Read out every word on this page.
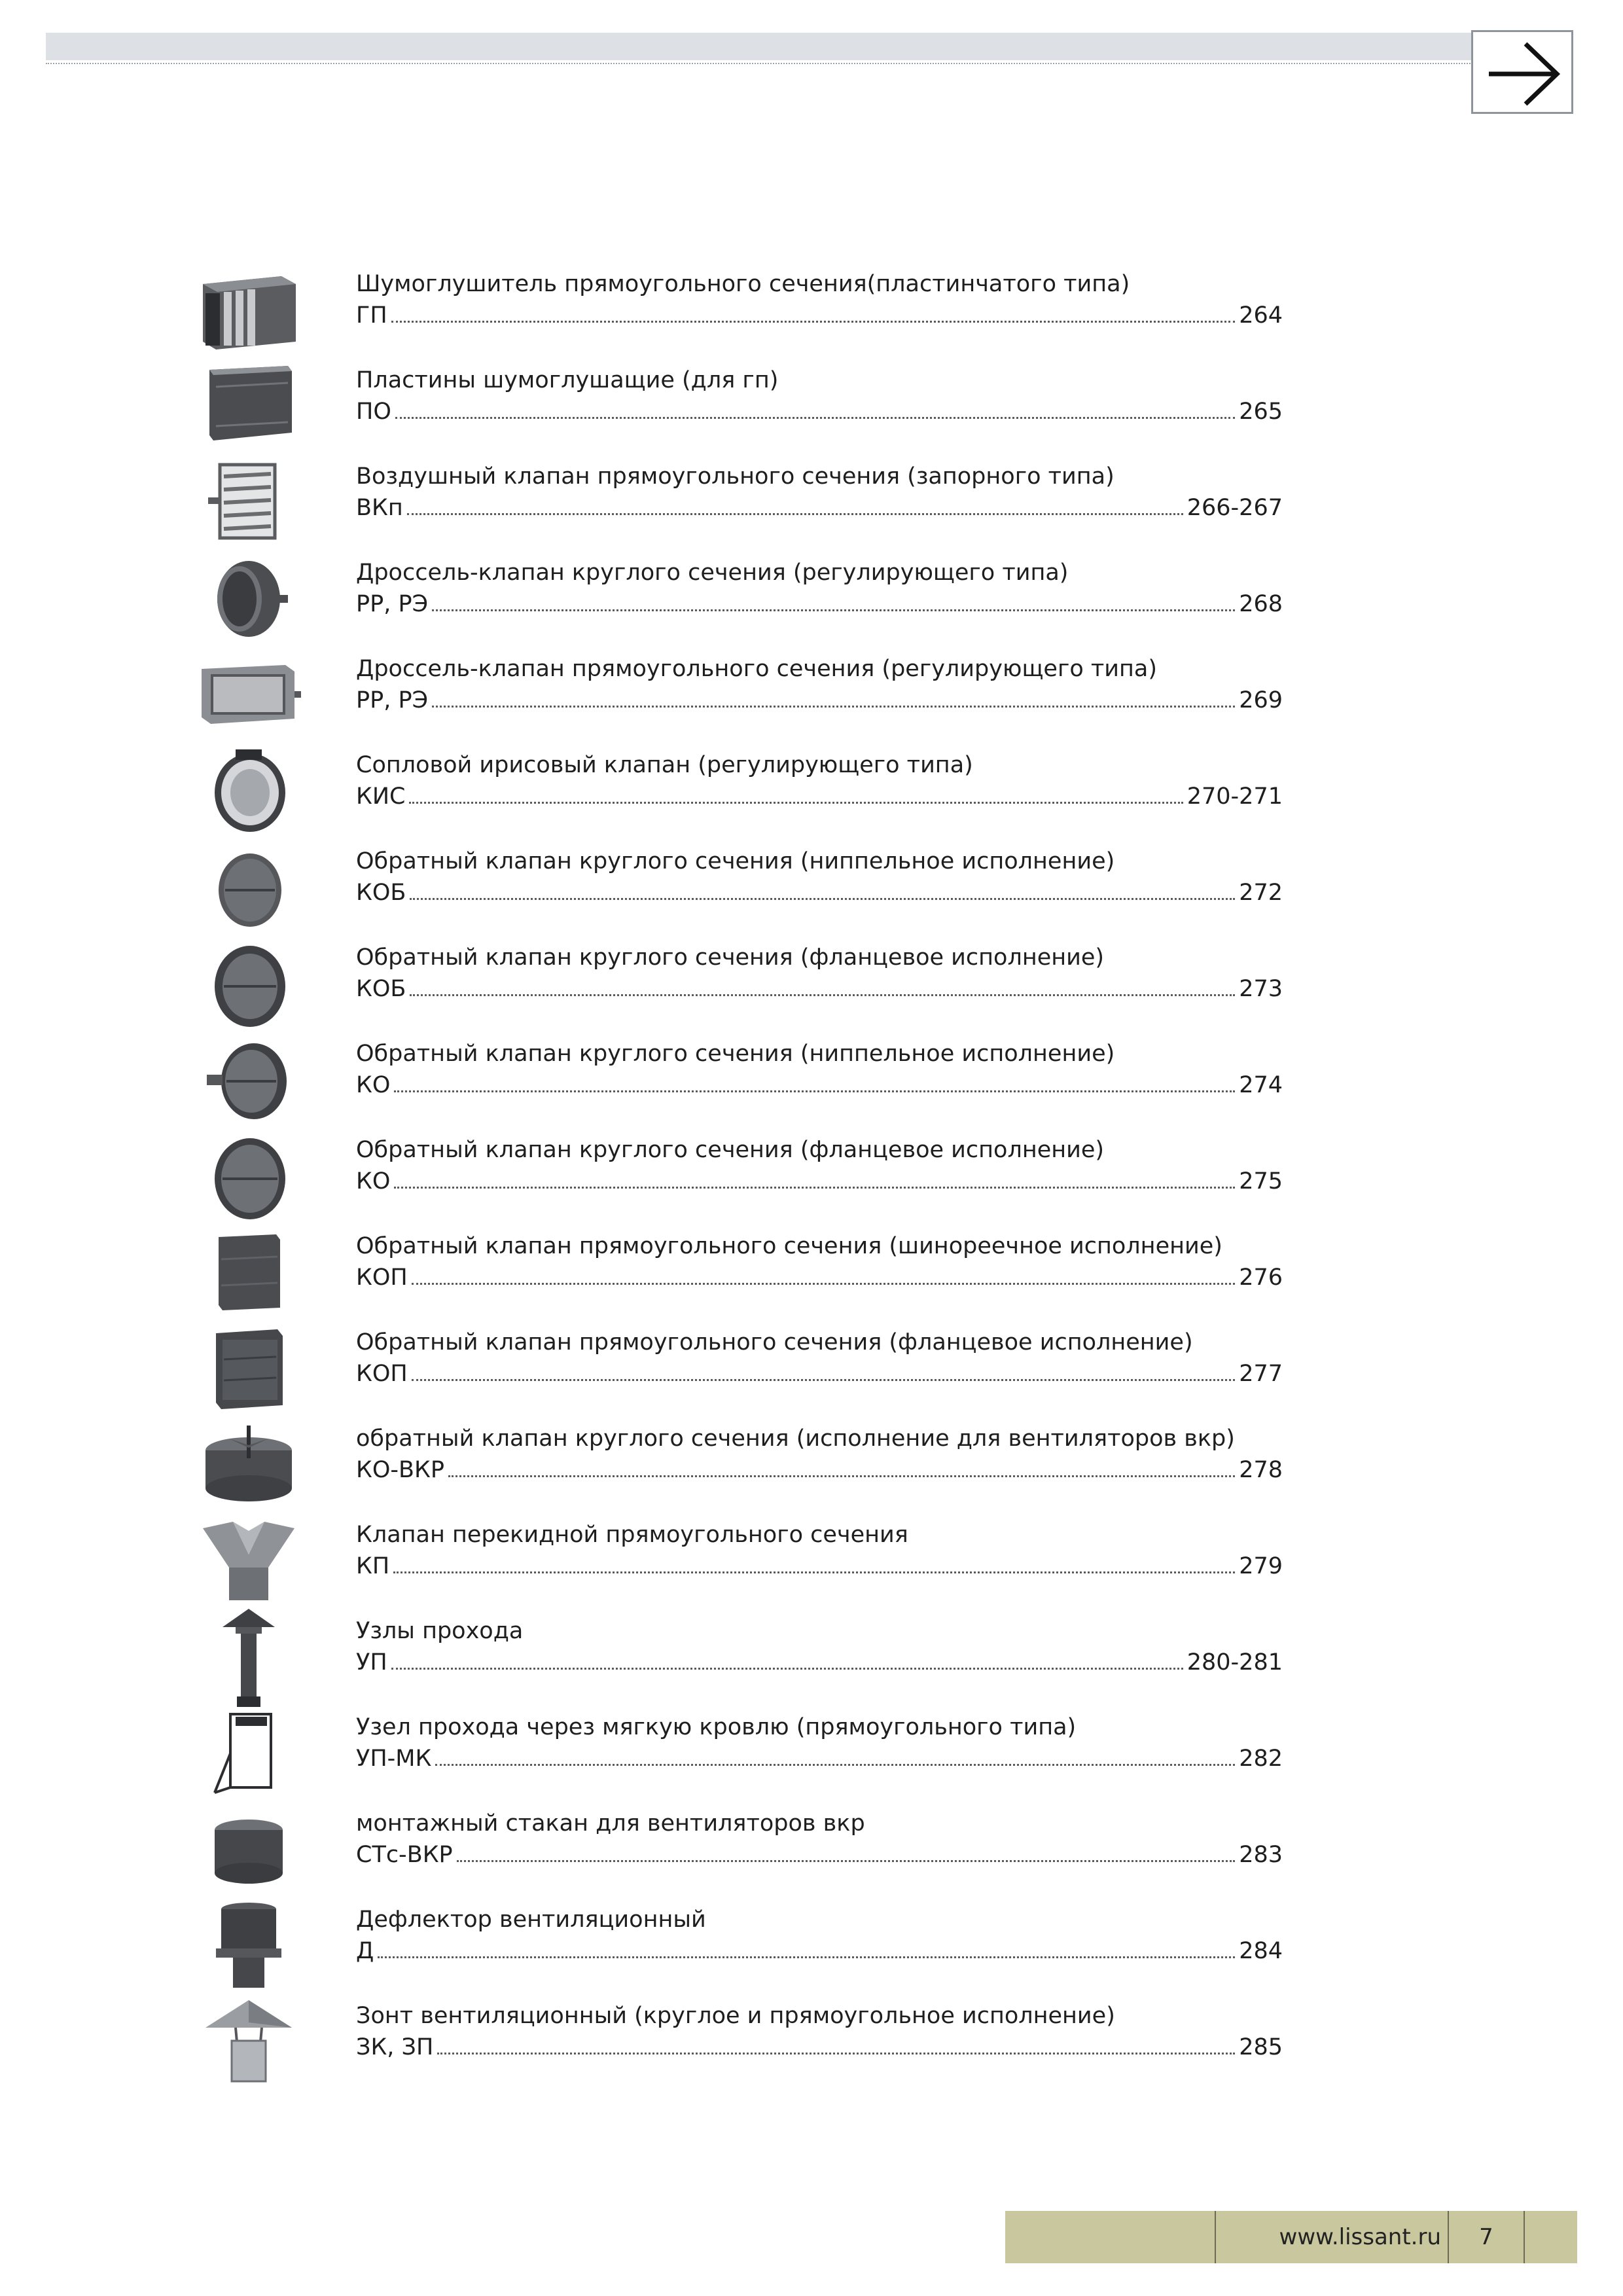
Шумоглушитель прямоугольного сечения(пластинчатого типа)
ГП	264
Пластины шумоглушащие (для гп)
ПО	265
Воздушный клапан прямоугольного сечения (запорного типа)
ВКп	266-267
Дроссель-клапан круглого сечения (регулирующего типа)
РР, РЭ	268
Дроссель-клапан прямоугольного сечения (регулирующего типа)
РР, РЭ	269
Сопловой ирисовый клапан (регулирующего типа)
КИС	270-271
Обратный клапан круглого сечения (ниппельное исполнение)
КОБ	272
Обратный клапан круглого сечения (фланцевое исполнение)
КОБ	273
Обратный клапан круглого сечения (ниппельное исполнение)
КО	274
Обратный клапан круглого сечения (фланцевое исполнение)
КО	275
Обратный клапан прямоугольного сечения (шинореечное исполнение)
КОП	276
Обратный клапан прямоугольного сечения (фланцевое исполнение)
КОП	277
обратный клапан круглого сечения (исполнение для вентиляторов вкр)
КО-ВКР	278
Клапан перекидной прямоугольного сечения
КП	279
Узлы прохода
УП	280-281
Узел прохода через мягкую кровлю (прямоугольного типа)
УП-МК	282
монтажный стакан для вентиляторов вкр
СТс-ВКР	283
Дефлектор вентиляционный
Д	284
Зонт вентиляционный (круглое и прямоугольное исполнение)
ЗК, ЗП	285
www.lissant.ru	7
